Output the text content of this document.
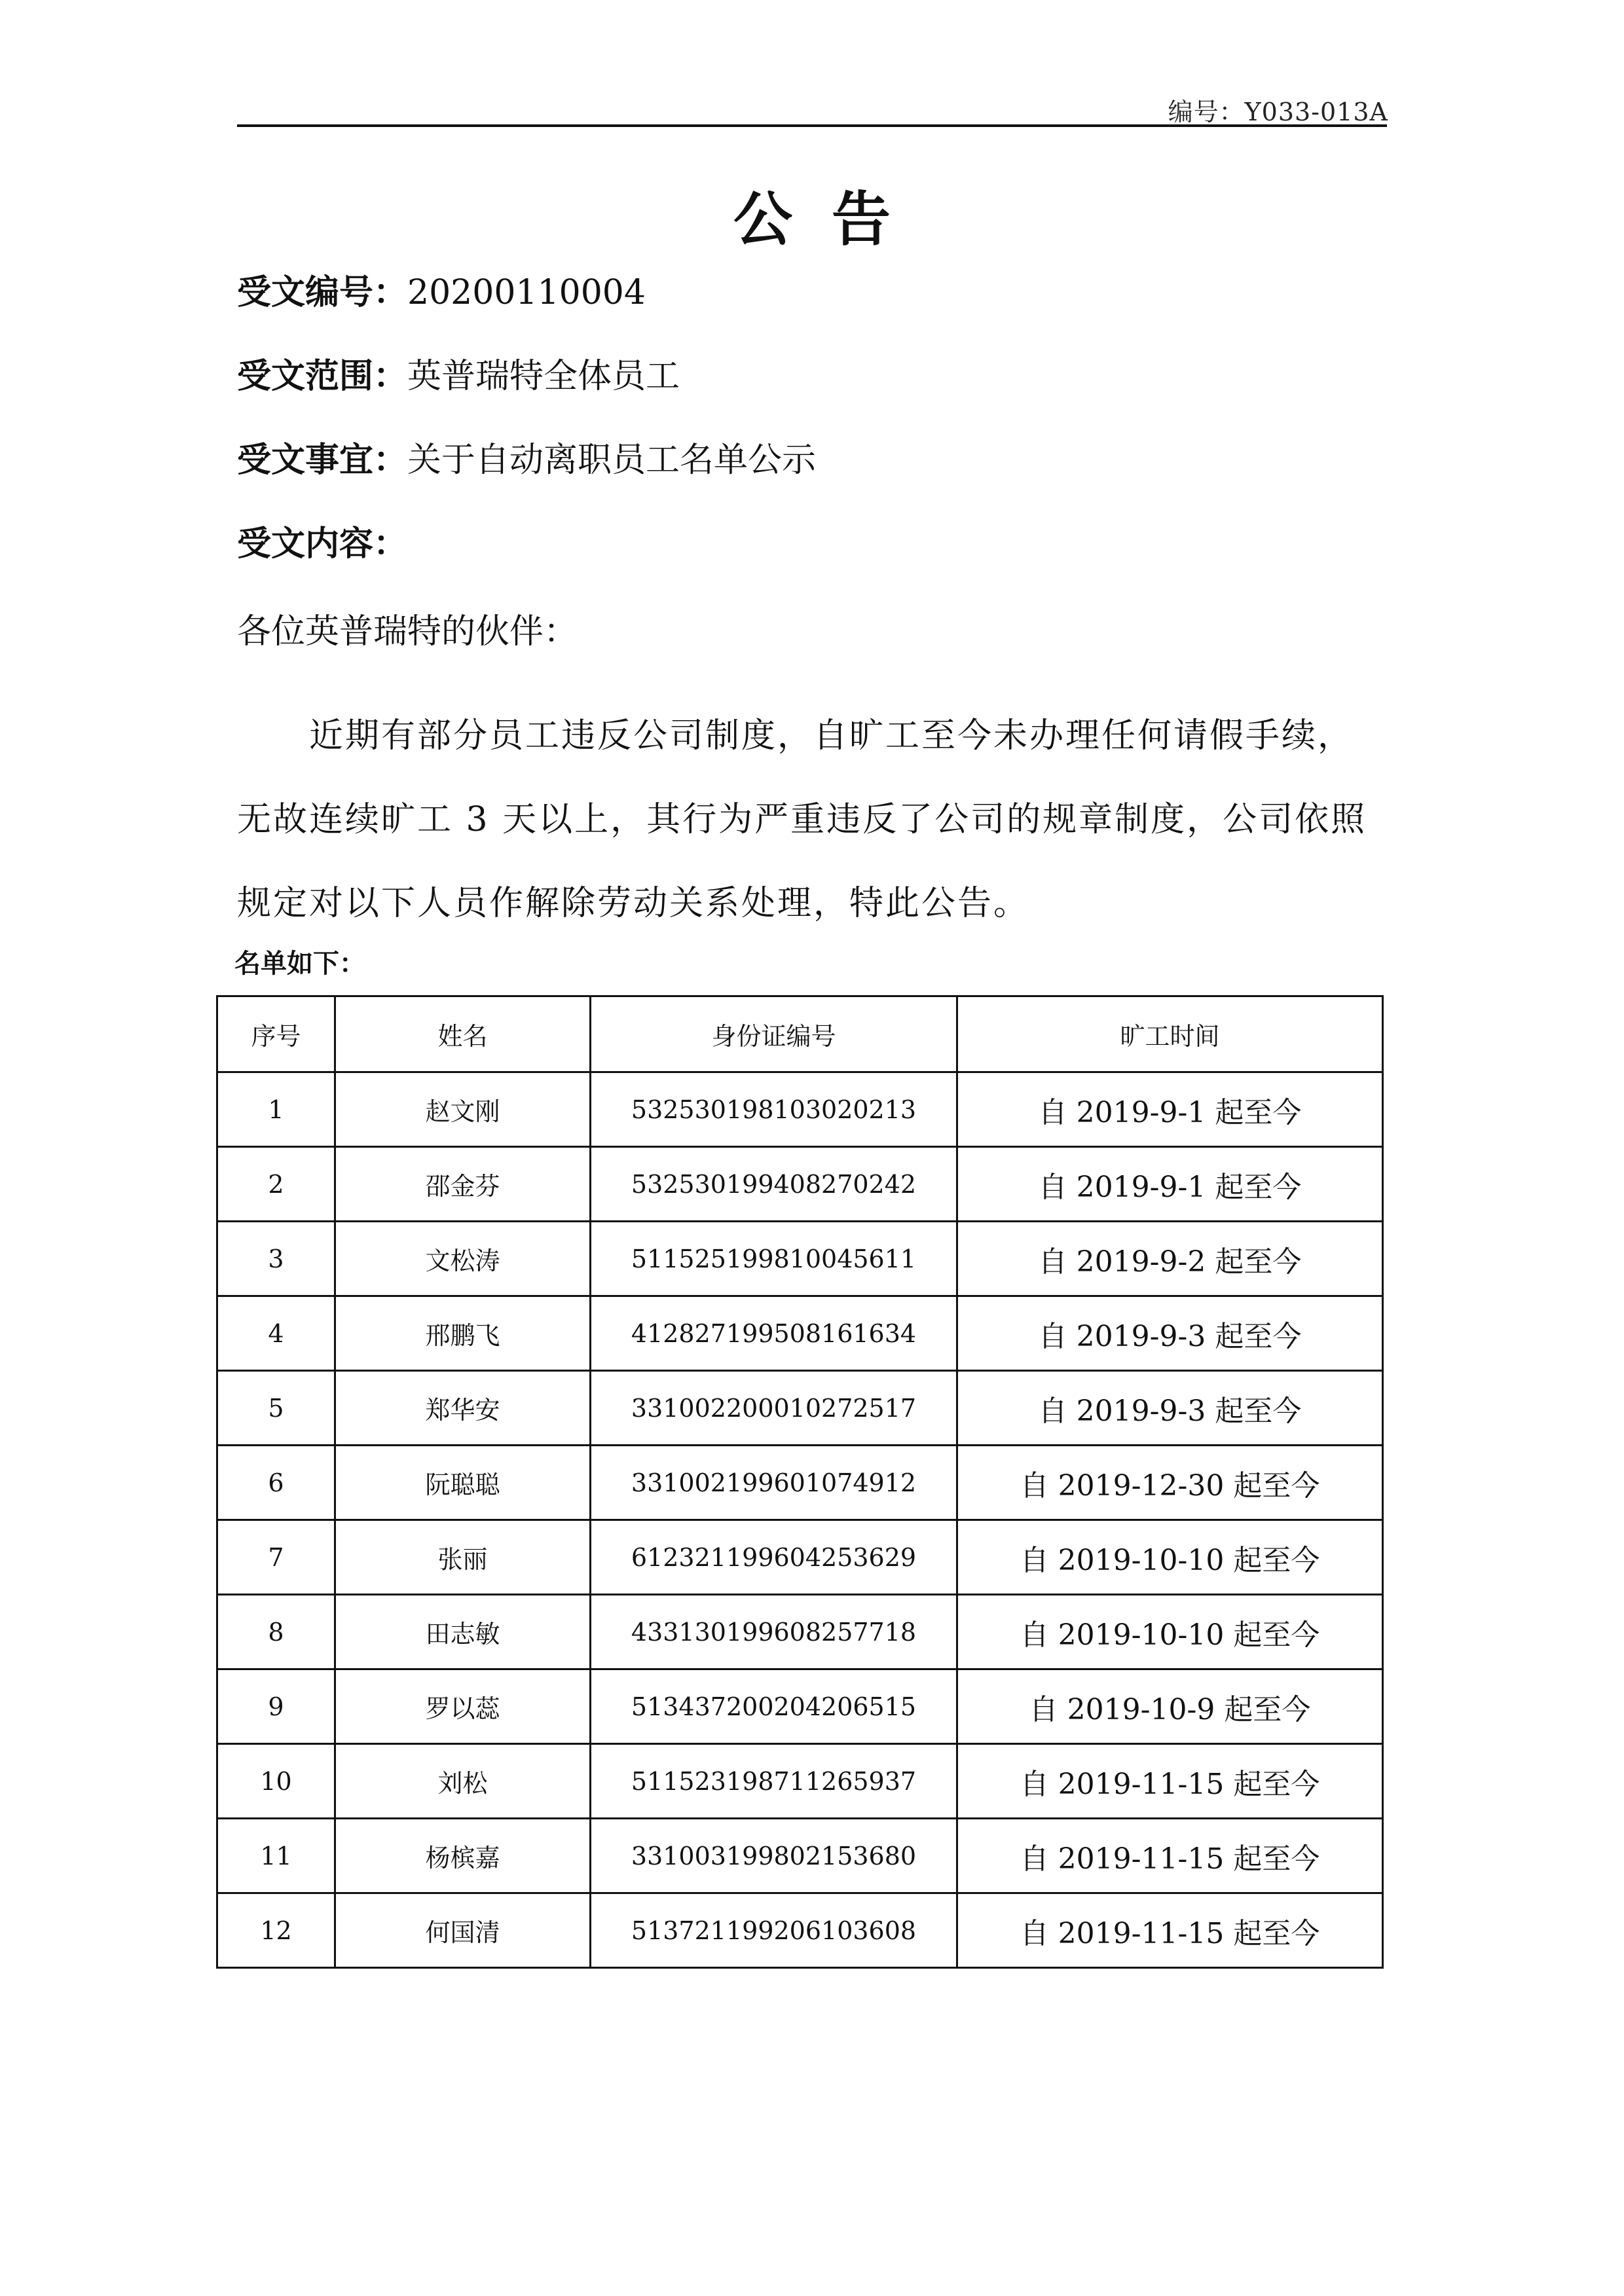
编号：Y033-013A
公告
受文编号：20200110004
受文范围：英普瑞特全体员工
受文事宜：关于自动离职员工名单公示
受文内容：
各位英普瑞特的伙伴：
近期有部分员工违反公司制度，自旷工至今未办理任何请假手续，无故连续旷工 3 天以上，其行为严重违反了公司的规章制度，公司依照规定对以下人员作解除劳动关系处理，特此公告。
名单如下：
序号	姓名	身份证编号	旷工时间
1	赵文刚	532530198103020213	自 2019-9-1 起至今
2	邵金芬	532530199408270242	自 2019-9-1 起至今
3	文松涛	511525199810045611	自 2019-9-2 起至今
4	邢鹏飞	412827199508161634	自 2019-9-3 起至今
5	郑华安	331002200010272517	自 2019-9-3 起至今
6	阮聪聪	331002199601074912	自 2019-12-30 起至今
7	张丽	612321199604253629	自 2019-10-10 起至今
8	田志敏	433130199608257718	自 2019-10-10 起至今
9	罗以蕊	513437200204206515	自 2019-10-9 起至今
10	刘松	511523198711265937	自 2019-11-15 起至今
11	杨槟嘉	331003199802153680	自 2019-11-15 起至今
12	何国清	513721199206103608	自 2019-11-15 起至今
